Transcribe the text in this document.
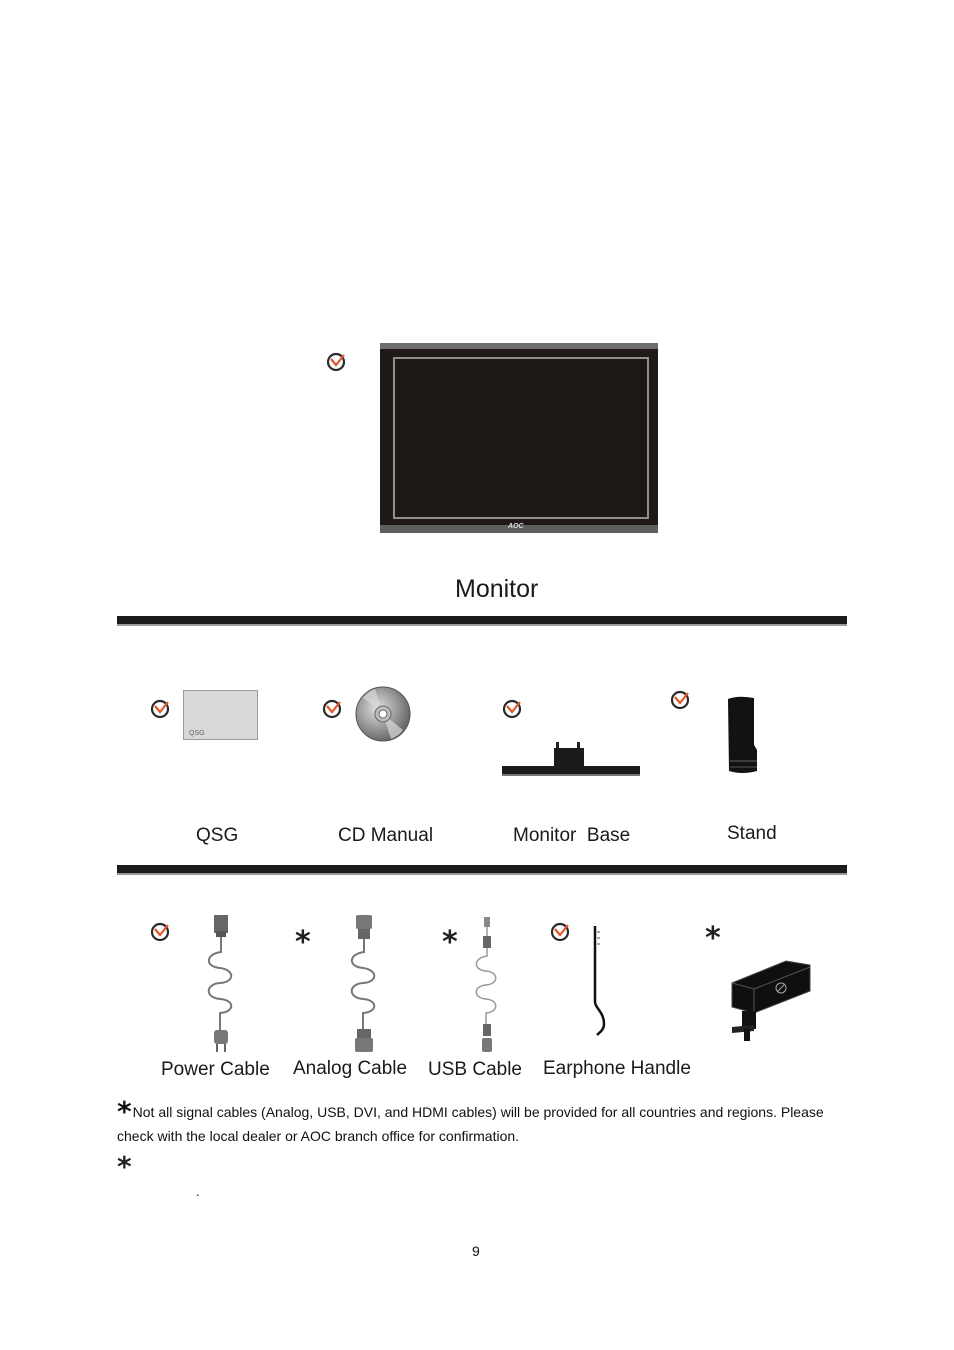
AOC
Monitor
QSG
QSG	CD Manual	Monitor  Base	Stand
Power Cable
*
Analog Cable
*
USB Cable Earphone Handle
*
*Not all signal cables (Analog, USB, DVI, and HDMI cables) will be provided for all countries and regions. Please check with the local dealer or AOC branch office for confirmation.
*
.
9
